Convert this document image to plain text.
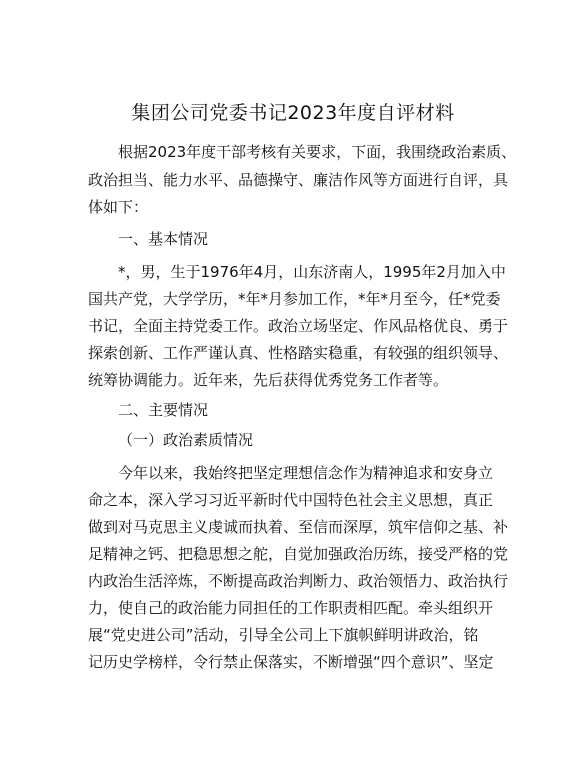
集团公司党委书记2023年度自评材料
根据2023年度干部考核有关要求，下面，我围绕政治素质、
政治担当、能力水平、品德操守、廉洁作风等方面进行自评，具
体如下：
一、基本情况
*，男，生于1976年4月，山东济南人，1995年2月加入中
国共产党，大学学历，*年*月参加工作，*年*月至今，任*党委
书记，全面主持党委工作。政治立场坚定、作风品格优良、勇于
探索创新、工作严谨认真、性格踏实稳重，有较强的组织领导、
统筹协调能力。近年来，先后获得优秀党务工作者等。
二、主要情况
（一）政治素质情况
今年以来，我始终把坚定理想信念作为精神追求和安身立
命之本，深入学习习近平新时代中国特色社会主义思想，真正
做到对马克思主义虔诚而执着、至信而深厚，筑牢信仰之基、补
足精神之钙、把稳思想之舵，自觉加强政治历练，接受严格的党
内政治生活淬炼，不断提高政治判断力、政治领悟力、政治执行
力，使自己的政治能力同担任的工作职责相匹配。牵头组织开
展“党史进公司”活动，引导全公司上下旗帜鲜明讲政治，铭
记历史学榜样，令行禁止保落实，不断增强“四个意识”、坚定
